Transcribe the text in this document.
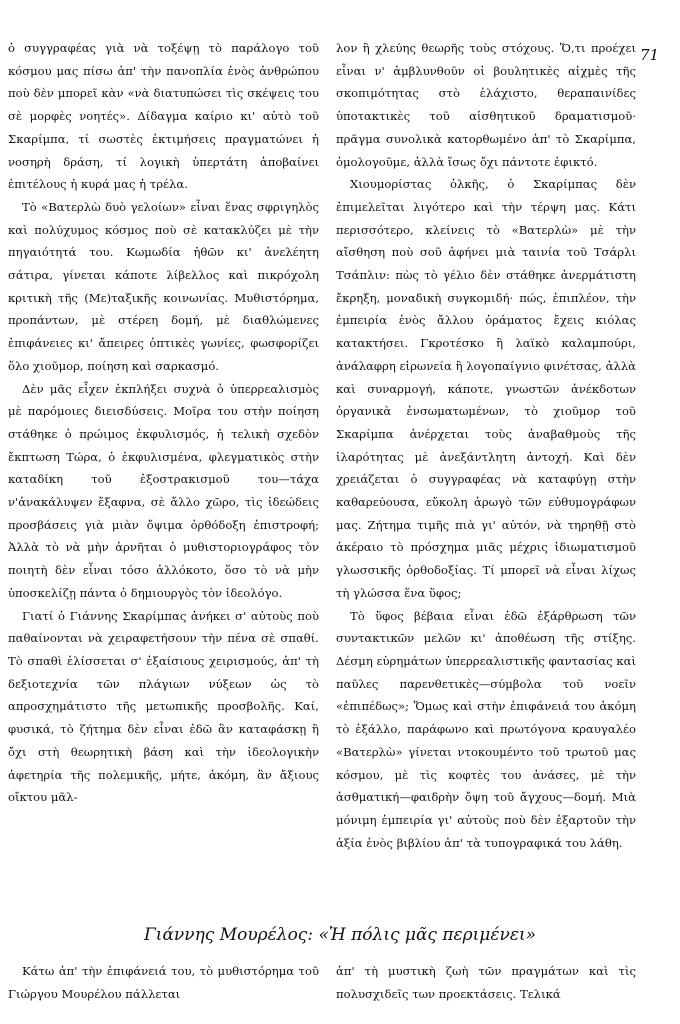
ὁ συγγραφέας γιὰ νὰ τοξέψῃ τὸ παράλογο τοῦ κόσμου μας πίσω ἀπ' τὴν πανοπλία ἑνὸς ἀνθρώπου ποὺ δὲν μπορεῖ κὰν «νὰ διατυπώσει τὶς σκέψεις του σὲ μορφὲς νοητές». Δίδαγμα καίριο κι' αὐτὸ τοῦ Σκαρίμπα, τί σωστὲς ἐκτιμήσεις πραγματώνει ἡ νοσηρὴ δράση, τί λογικὴ ὑπερτάτη ἀποβαίνει ἐπιτέλους ἡ κυρά μας ἡ τρέλα.

Τὸ «Βατερλὼ δυὸ γελοίων» εἶναι ἕνας σφριγηλὸς καὶ πολύχυμος κόσμος ποὺ σὲ κατακλύζει μὲ τὴν πηγαιότητά του. Κωμωδία ἠθῶν κι' ἀνελέητη σάτιρα, γίνεται κάποτε λίβελλος καὶ πικρόχολη κριτικὴ τῆς (Με)ταξικῆς κοινωνίας. Μυθιστόρημα, προπάντων, μὲ στέρεη δομή, μὲ διαθλώμενες ἐπιφάνειες κι' ἄπειρες ὀπτικὲς γωνίες, φωσφορίζει ὅλο χιοῦμορ, ποίηση καὶ σαρκασμό.

Δὲν μᾶς εἶχεν ἐκπλήξει συχνὰ ὁ ὑπερρεαλισμὸς μὲ παρόμοιες διεισδύσεις. Μοῖρα του στὴν ποίηση στάθηκε ὁ πρώιμος ἐκφυλισμός, ἡ τελικὴ σχεδὸν ἔκπτωση Τώρα, ὁ ἐκφυλισμένα, φλεγματικὸς στὴν καταδίκη τοῦ ἐξοστρακισμοῦ του—τάχα ν'ἀνακάλυψεν ἔξαφνα, σὲ ἄλλο χῶρο, τὶς ἰδεώδεις προσβάσεις γιὰ μιὰν ὄψιμα ὀρθόδοξη ἐπιστροφή; Ἀλλὰ τὸ νὰ μὴν ἀρνῆται ὁ μυθιστοριογράφος τὸν ποιητὴ δὲν εἶναι τόσο ἀλλόκοτο, ὅσο τὸ νὰ μὴν ὑποσκελίζῃ πάντα ὁ δημιουργὸς τὸν ἰδεολόγο.

Γιατί ὁ Γιάννης Σκαρίμπας ἀνήκει σ' αὐτοὺς ποὺ παθαίνονται νὰ χειραφετήσουν τὴν πένα σὲ σπαθί. Τὸ σπαθὶ ἑλίσσεται σ' ἐξαίσιους χειρισμούς, ἀπ' τὴ δεξιοτεχνία τῶν πλάγιων νύξεων ὡς τὸ απροσχημάτιστο τῆς μετωπικῆς προσβολῆς. Καί, φυσικά, τὸ ζήτημα δὲν εἶναι ἐδῶ ἂν καταφάσκῃ ἢ ὄχι στὴ θεωρητικὴ βάση καὶ τὴν ἰδεολογικὴν ἀφετηρία τῆς πολεμικῆς, μήτε, ἀκόμη, ἂν ἄξιους οἴκτου μᾶλ-

71

λον ἢ χλεύης θεωρῆς τοὺς στόχους. Ὅ,τι προέχει εἶναι ν' ἀμβλυνθοῦν οἱ βουλητικὲς αἰχμὲς τῆς σκοπιμότητας στὸ ἐλάχιστο, θεραπαινίδες ὑποτακτικὲς τοῦ αἰσθητικοῦ δραματισμοῦ· πρᾶγμα συνολικὰ κατορθωμένο ἀπ' τὸ Σκαρίμπα, ὁμολογοῦμε, ἀλλὰ ἴσως ὄχι πάντοτε ἐφικτό.

Χιουμορίστας ὁλκῆς, ὁ Σκαρίμπας δὲν ἐπιμελεῖται λιγότερο καὶ τὴν τέρψη μας. Κάτι περισσότερο, κλείνεις τὸ «Βατερλὼ» μὲ τὴν αἴσθηση ποὺ σοῦ ἀφήνει μιὰ ταινία τοῦ Τσάρλι Τσάπλιν: πὼς τὸ γέλιο δὲν στάθηκε ἀνερμάτιστη ἔκρηξη, μοναδικὴ συγκομιδή· πώς, ἐπιπλέον, τὴν ἐμπειρία ἑνὸς ἄλλου ὁράματος ἔχεις κιόλας κατακτήσει. Γκροτέσκο ἢ λαϊκὸ καλαμπούρι, ἀνάλαφρη εἰρωνεία ἢ λογοπαίγνιο φινέτσας, ἀλλὰ καὶ συναρμογή, κάποτε, γνωστῶν ἀνέκδοτων ὀργανικὰ ἐνσωματωμένων, τὸ χιοῦμορ τοῦ Σκαρίμπα ἀνέρχεται τοὺς ἀναβαθμοὺς τῆς ἱλαρότητας μὲ ἀνεξάντλητη ἀντοχή. Καὶ δὲν χρειάζεται ὁ συγγραφέας νὰ καταφύγῃ στὴν καθαρεύουσα, εὔκολη ἀρωγὸ τῶν εὐθυμογράφων μας. Ζήτημα τιμῆς πιὰ γι' αὐτόν, νὰ τηρηθῇ στὸ ἀκέραιο τὸ πρόσχημα μιᾶς μέχρις ἰδιωματισμοῦ γλωσσικῆς ὀρθοδοξίας. Τί μπορεῖ νὰ εἶναι λίχως τὴ γλώσσα ἕνα ὕφος;

Τὸ ὕφος βέβαια εἶναι ἐδῶ ἐξάρθρωση τῶν συντακτικῶν μελῶν κι' ἀποθέωση τῆς στίξης. Δέσμη εὑρημάτων ὑπερρεαλιστικῆς φαντασίας καὶ παῦλες παρενθετικὲς—σύμβολα τοῦ νοεῖν «ἐπιπέδως»; Ὅμως καὶ στὴν ἐπιφάνειά του ἀκόμη τὸ ἐξάλλο, παράφωνο καὶ πρωτόγονα κραυγαλέο «Βατερλὼ» γίνεται ντοκουμέντο τοῦ τρωτοῦ μας κόσμου, μὲ τὶς κοφτὲς του ἀνάσες, μὲ τὴν ἀσθματική—φαιδρὴν ὄψη τοῦ ἄγχους—δομή. Μιὰ μόνιμη ἐμπειρία γι' αὐτοὺς ποὺ δὲν ἐξαρτοῦν τὴν ἀξία ἑνὸς βιβλίου ἀπ' τὰ τυπογραφικά του λάθη.

Γιάννης Μουρέλος: «Ἡ πόλις μᾶς περιμένει»

Κάτω ἀπ' τὴν ἐπιφάνειά του, τὸ μυθιστόρημα τοῦ Γιώργου Μουρέλου πάλλεται

ἀπ' τὴ μυστικὴ ζωὴ τῶν πραγμάτων καὶ τὶς πολυσχιδεῖς των προεκτάσεις. Τελικά
